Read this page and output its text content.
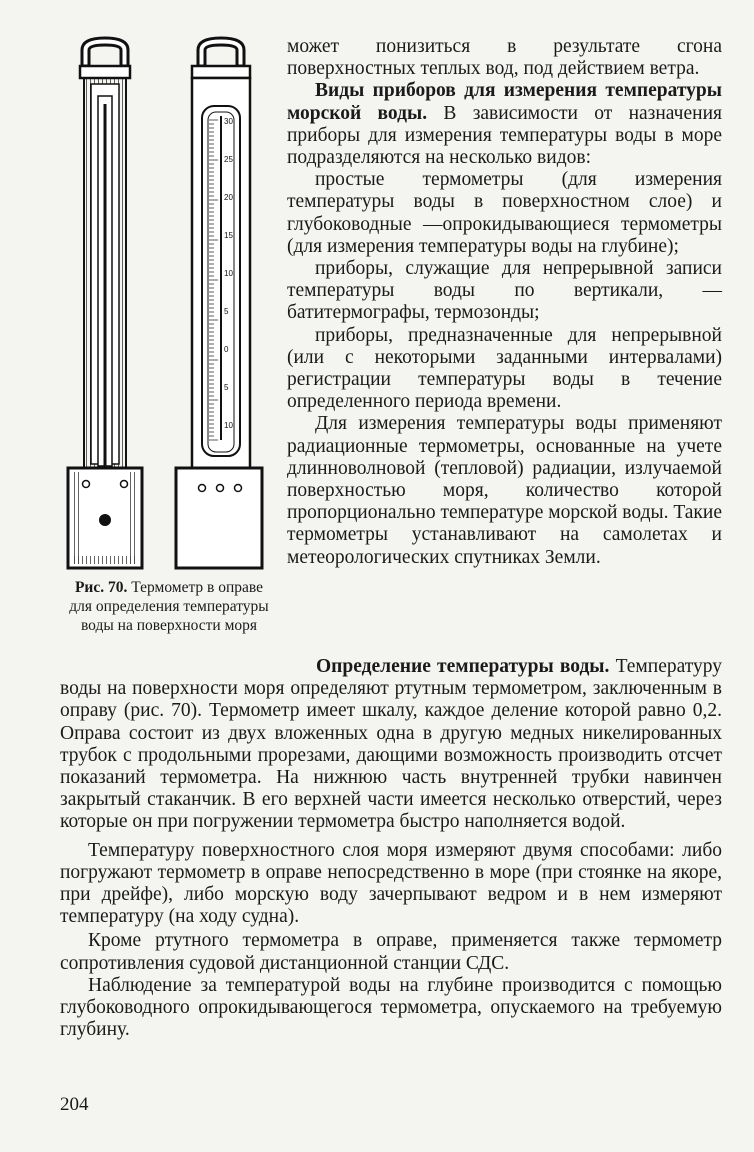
30
25
20
15
10
5
0
5
10
Рис. 70. Термометр в оправе для определения температуры воды на поверхности моря

может понизиться в результате сгона поверхностных теплых вод, под действием ветра.

Виды приборов для измерения температуры морской воды. В зависимости от назначения приборы для измерения температуры воды в море подразделяются на несколько видов:

простые термометры (для измерения температуры воды в поверхностном слое) и глубоководные —опрокидывающиеся термометры (для измерения температуры воды на глубине);

приборы, служащие для непрерывной записи температуры воды по вертикали, — батитермографы, термозонды;

приборы, предназначенные для непрерывной (или с некоторыми заданными интервалами) регистрации температуры воды в течение определенного периода времени.

Для измерения температуры воды применяют радиационные термометры, основанные на учете длинноволновой (тепловой) радиации, излучаемой поверхностью моря, количество которой пропорционально температуре морской воды. Такие термометры устанавливают на самолетах и метеорологических спутниках Земли.

Определение температуры воды. Температуру воды на поверхности моря определяют ртутным термометром, заключенным в оправу (рис. 70). Термометр имеет шкалу, каждое деление которой равно 0,2. Оправа состоит из двух вложенных одна в другую медных никелированных трубок с продольными прорезами, дающими возможность производить отсчет показаний термометра. На нижнюю часть внутренней трубки навинчен закрытый стаканчик. В его верхней части имеется несколько отверстий, через которые он при погружении термометра быстро наполняется водой.

Температуру поверхностного слоя моря измеряют двумя способами: либо погружают термометр в оправе непосредственно в море (при стоянке на якоре, при дрейфе), либо морскую воду зачерпывают ведром и в нем измеряют температуру (на ходу судна).

Кроме ртутного термометра в оправе, применяется также термометр сопротивления судовой дистанционной станции СДС.

Наблюдение за температурой воды на глубине производится с помощью глубоководного опрокидывающегося термометра, опускаемого на требуемую глубину.

204
